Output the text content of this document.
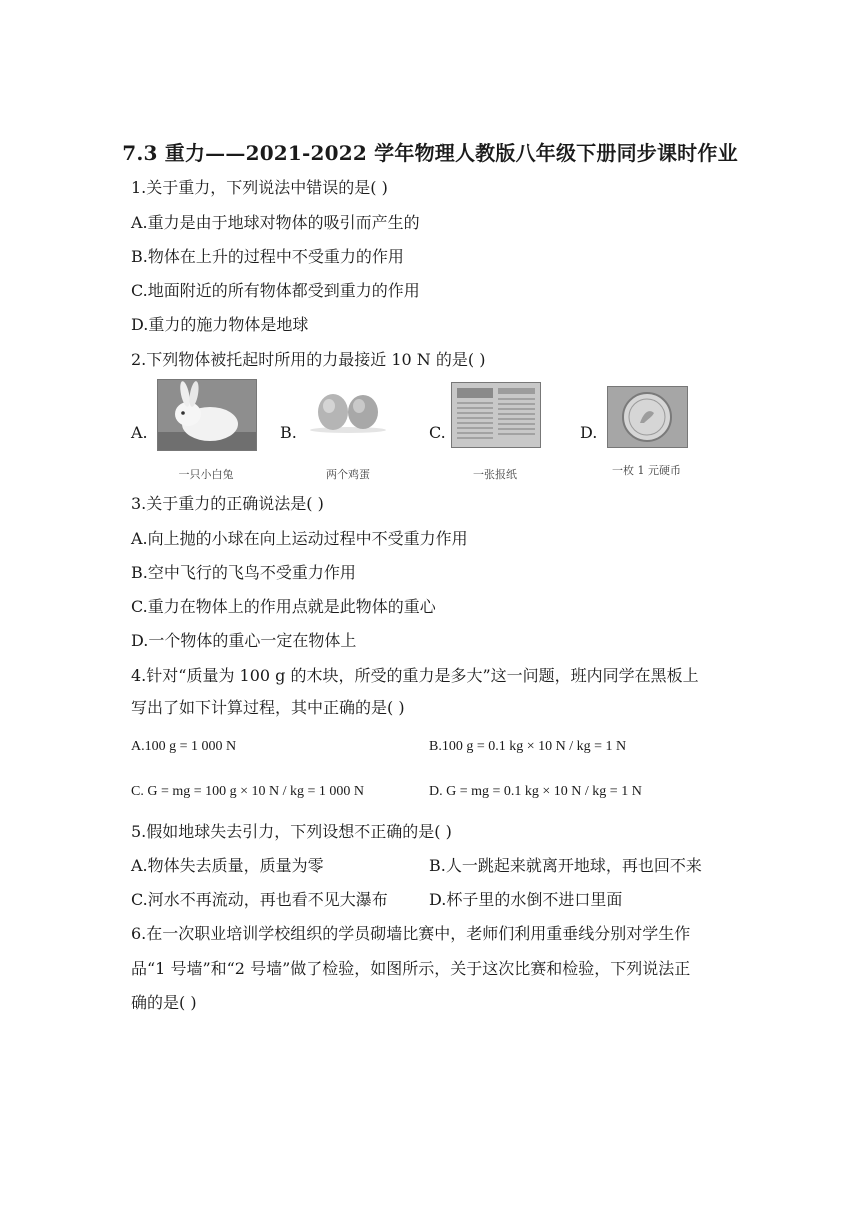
7.3 重力——2021-2022 学年物理人教版八年级下册同步课时作业
1.关于重力，下列说法中错误的是( )
A.重力是由于地球对物体的吸引而产生的
B.物体在上升的过程中不受重力的作用
C.地面附近的所有物体都受到重力的作用
D.重力的施力物体是地球
2.下列物体被托起时所用的力最接近 10 N 的是( )
A.
一只小白兔
B.
两个鸡蛋
C.
一张报纸
D.
一枚 1 元硬币
3.关于重力的正确说法是( )
A.向上抛的小球在向上运动过程中不受重力作用
B.空中飞行的飞鸟不受重力作用
C.重力在物体上的作用点就是此物体的重心
D.一个物体的重心一定在物体上
4.针对“质量为 100 g 的木块，所受的重力是多大”这一问题，班内同学在黑板上
写出了如下计算过程，其中正确的是( )
A.100 g = 1 000 N	B.100 g = 0.1 kg × 10 N / kg = 1 N
C. G = mg = 100 g × 10 N / kg = 1 000 N	D. G = mg = 0.1 kg × 10 N / kg = 1 N
5.假如地球失去引力，下列设想不正确的是( )
A.物体失去质量，质量为零	B.人一跳起来就离开地球，再也回不来
C.河水不再流动，再也看不见大瀑布	D.杯子里的水倒不进口里面
6.在一次职业培训学校组织的学员砌墙比赛中，老师们利用重垂线分别对学生作
品“1 号墙”和“2 号墙”做了检验，如图所示，关于这次比赛和检验，下列说法正
确的是( )
